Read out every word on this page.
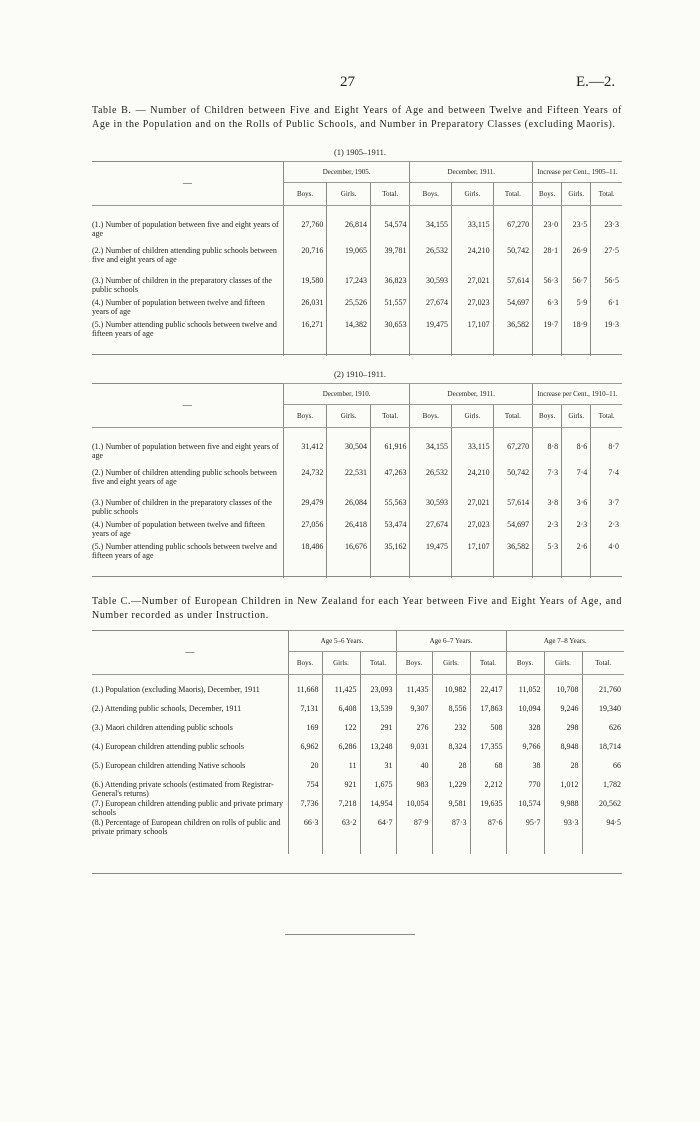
27	E.—2.
Table B. — Number of Children between Five and Eight Years of Age and between Twelve and Fifteen Years of Age in the Population and on the Rolls of Public Schools, and Number in Preparatory Classes (excluding Maoris).
(1) 1905–1911.
—	December, 1905.			December, 1911.			Increase per Cent., 1905–11.		
	Boys.	Girls.	Total.	Boys.	Girls.	Total.	Boys.	Girls.	Total.

(1.) Number of population between five and eight years of age	27,760	26,814	54,574	34,155	33,115	67,270	23·0	23·5	23·3
(2.) Number of children attending public schools between five and eight years of age	20,716	19,065	39,781	26,532	24,210	50,742	28·1	26·9	27·5
(3.) Number of children in the preparatory classes of the public schools	19,580	17,243	36,823	30,593	27,021	57,614	56·3	56·7	56·5
(4.) Number of population between twelve and fifteen years of age	26,031	25,526	51,557	27,674	27,023	54,697	6·3	5·9	6·1
(5.) Number attending public schools between twelve and fifteen years of age	16,271	14,382	30,653	19,475	17,107	36,582	19·7	18·9	19·3
(2) 1910–1911.
—	December, 1910.			December, 1911.			Increase per Cent., 1910–11.		
	Boys.	Girls.	Total.	Boys.	Girls.	Total.	Boys.	Girls.	Total.

(1.) Number of population between five and eight years of age	31,412	30,504	61,916	34,155	33,115	67,270	8·8	8·6	8·7
(2.) Number of children attending public schools between five and eight years of age	24,732	22,531	47,263	26,532	24,210	50,742	7·3	7·4	7·4
(3.) Number of children in the preparatory classes of the public schools	29,479	26,084	55,563	30,593	27,021	57,614	3·8	3·6	3·7
(4.) Number of population between twelve and fifteen years of age	27,056	26,418	53,474	27,674	27,023	54,697	2·3	2·3	2·3
(5.) Number attending public schools between twelve and fifteen years of age	18,486	16,676	35,162	19,475	17,107	36,582	5·3	2·6	4·0
Table C.—Number of European Children in New Zealand for each Year between Five and Eight Years of Age, and Number recorded as under Instruction.
—	Age 5–6 Years.			Age 6–7 Years.			Age 7–8 Years.		
	Boys.	Girls.	Total.	Boys.	Girls.	Total.	Boys.	Girls.	Total.

(1.) Population (excluding Maoris), December, 1911	11,668	11,425	23,093	11,435	10,982	22,417	11,052	10,708	21,760
(2.) Attending public schools, December, 1911	7,131	6,408	13,539	9,307	8,556	17,863	10,094	9,246	19,340
(3.) Maori children attending public schools	169	122	291	276	232	508	328	298	626
(4.) European children attending public schools	6,962	6,286	13,248	9,031	8,324	17,355	9,766	8,948	18,714
(5.) European children attending Native schools	20	11	31	40	28	68	38	28	66
(6.) Attending private schools (estimated from Registrar-General's returns)	754	921	1,675	983	1,229	2,212	770	1,012	1,782
(7.) European children attending public and private primary schools	7,736	7,218	14,954	10,054	9,581	19,635	10,574	9,988	20,562
(8.) Percentage of European children on rolls of public and private primary schools	66·3	63·2	64·7	87·9	87·3	87·6	95·7	93·3	94·5
